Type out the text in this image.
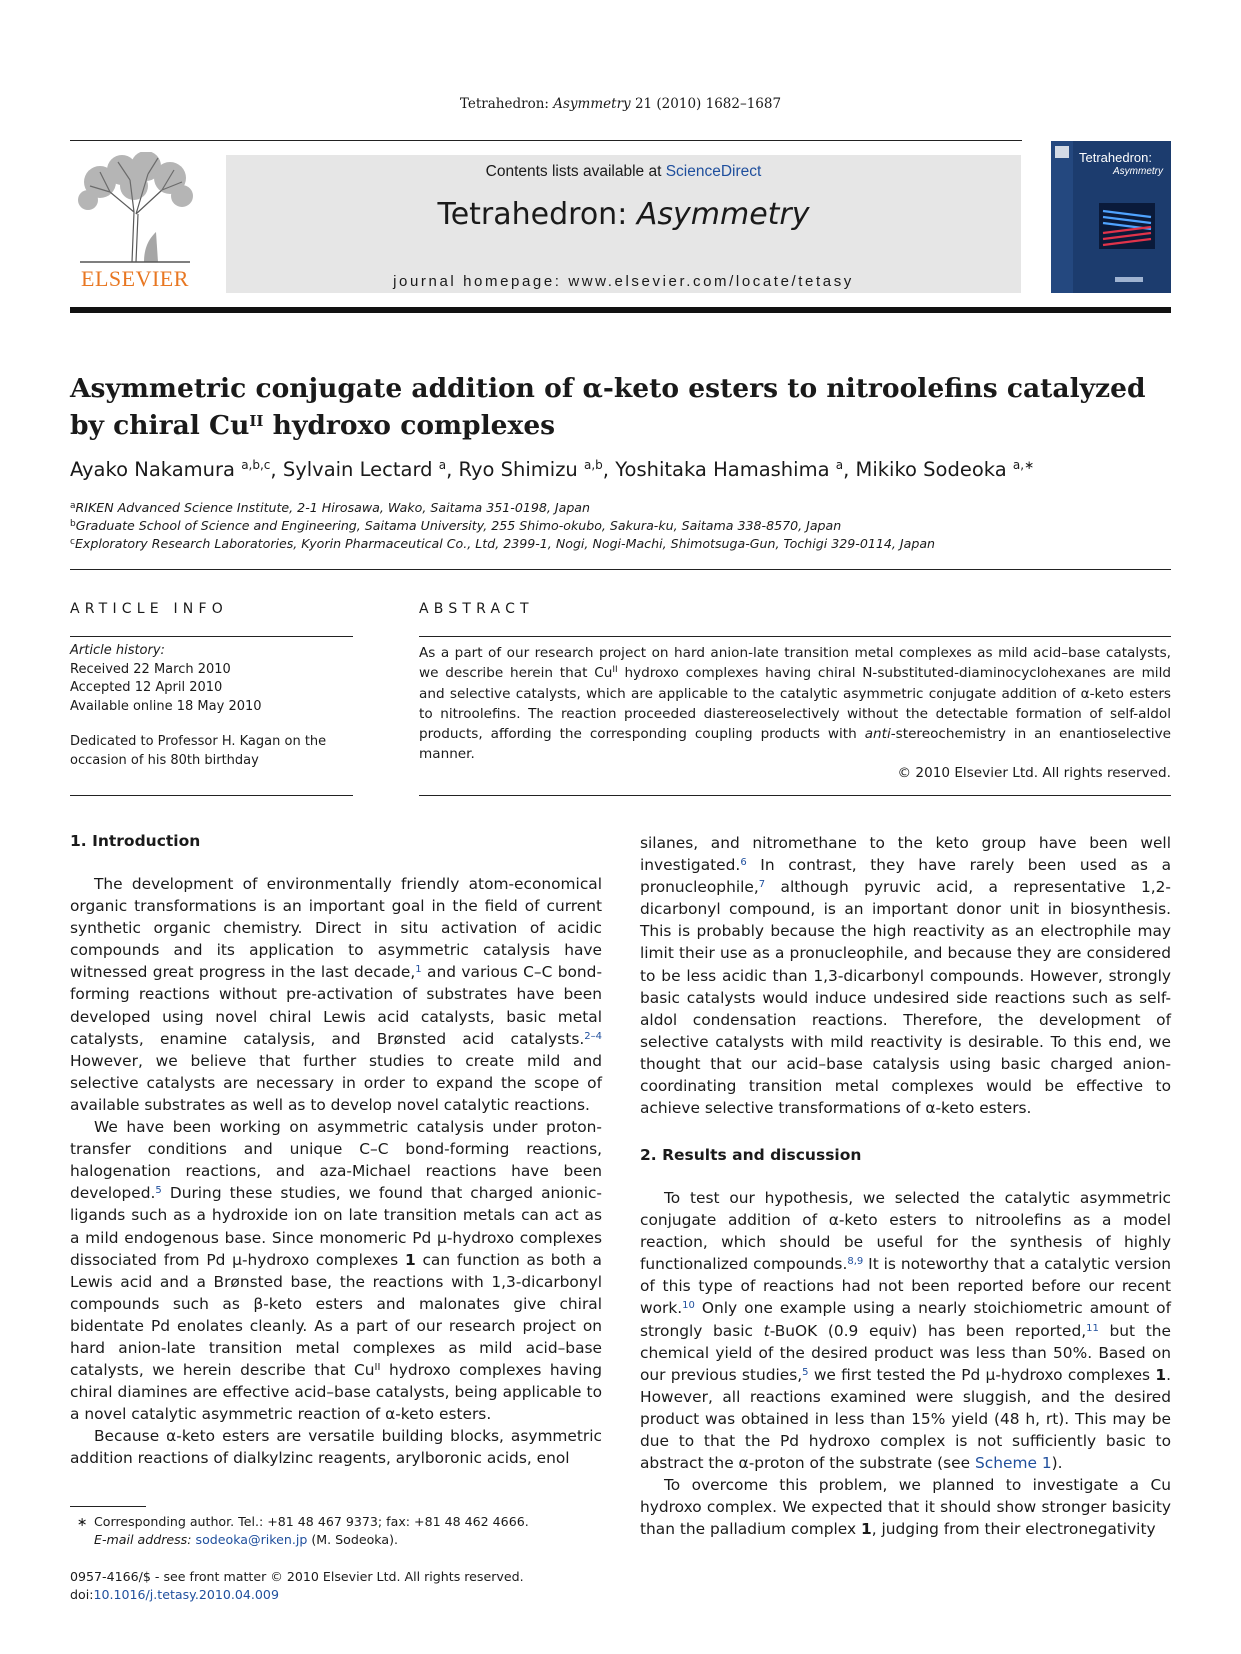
Tetrahedron: Asymmetry 21 (2010) 1682–1687
ELSEVIER
Contents lists available at ScienceDirect
Tetrahedron: Asymmetry
journal homepage: www.elsevier.com/locate/tetasy
Tetrahedron:
Asymmetry
Asymmetric conjugate addition of α-keto esters to nitroolefins catalyzed
by chiral $Cu^{II}$ hydroxo complexes
Ayako Nakamura $^{a,b,c}$, Sylvain Lectard $^a$, Ryo Shimizu $^{a,b}$, Yoshitaka Hamashima $^a$, Mikiko Sodeoka $^{a,∗}$
$^a$RIKEN Advanced Science Institute, 2-1 Hirosawa, Wako, Saitama 351-0198, Japan
$^b$Graduate School of Science and Engineering, Saitama University, 255 Shimo-okubo, Sakura-ku, Saitama 338-8570, Japan
$^c$Exploratory Research Laboratories, Kyorin Pharmaceutical Co., Ltd, 2399-1, Nogi, Nogi-Machi, Shimotsuga-Gun, Tochigi 329-0114, Japan
ARTICLE INFO
Article history:
Received 22 March 2010
Accepted 12 April 2010
Available online 18 May 2010
Dedicated to Professor H. Kagan on the
occasion of his 80th birthday
ABSTRACT
As a part of our research project on hard anion-late transition metal complexes as mild acid–base catalysts, we describe herein that $Cu^{II}$ hydroxo complexes having chiral N-substituted-diaminocyclohexanes are mild and selective catalysts, which are applicable to the catalytic asymmetric conjugate addition of α-keto esters to nitroolefins. The reaction proceeded diastereoselectively without the detectable formation of self-aldol products, affording the corresponding coupling products with anti-stereochemistry in an enantioselective manner.
© 2010 Elsevier Ltd. All rights reserved.
1. Introduction

The development of environmentally friendly atom-economical organic transformations is an important goal in the field of current synthetic organic chemistry. Direct in situ activation of acidic compounds and its application to asymmetric catalysis have witnessed great progress in the last decade,$^1$ and various C–C bond-forming reactions without pre-activation of substrates have been developed using novel chiral Lewis acid catalysts, basic metal catalysts, enamine catalysis, and Brønsted acid catalysts.$^{2-4}$ However, we believe that further studies to create mild and selective catalysts are necessary in order to expand the scope of available substrates as well as to develop novel catalytic reactions.

We have been working on asymmetric catalysis under proton-transfer conditions and unique C–C bond-forming reactions, halogenation reactions, and aza-Michael reactions have been developed.$^5$ During these studies, we found that charged anionic-ligands such as a hydroxide ion on late transition metals can act as a mild endogenous base. Since monomeric Pd μ-hydroxo complexes dissociated from Pd μ-hydroxo complexes 1 can function as both a Lewis acid and a Brønsted base, the reactions with 1,3-dicarbonyl compounds such as β-keto esters and malonates give chiral bidentate Pd enolates cleanly. As a part of our research project on hard anion-late transition metal complexes as mild acid–base catalysts, we herein describe that $Cu^{II}$ hydroxo complexes having chiral diamines are effective acid–base catalysts, being applicable to a novel catalytic asymmetric reaction of α-keto esters.

Because α-keto esters are versatile building blocks, asymmetric addition reactions of dialkylzinc reagents, arylboronic acids, enol

silanes, and nitromethane to the keto group have been well investigated.$^6$ In contrast, they have rarely been used as a pronucleophile,$^7$ although pyruvic acid, a representative 1,2-dicarbonyl compound, is an important donor unit in biosynthesis. This is probably because the high reactivity as an electrophile may limit their use as a pronucleophile, and because they are considered to be less acidic than 1,3-dicarbonyl compounds. However, strongly basic catalysts would induce undesired side reactions such as self-aldol condensation reactions. Therefore, the development of selective catalysts with mild reactivity is desirable. To this end, we thought that our acid–base catalysis using basic charged anion-coordinating transition metal complexes would be effective to achieve selective transformations of α-keto esters.

2. Results and discussion

To test our hypothesis, we selected the catalytic asymmetric conjugate addition of α-keto esters to nitroolefins as a model reaction, which should be useful for the synthesis of highly functionalized compounds.$^{8,9}$ It is noteworthy that a catalytic version of this type of reactions had not been reported before our recent work.$^{10}$ Only one example using a nearly stoichiometric amount of strongly basic t-BuOK (0.9 equiv) has been reported,$^{11}$ but the chemical yield of the desired product was less than 50%. Based on our previous studies,$^5$ we first tested the Pd μ-hydroxo complexes 1. However, all reactions examined were sluggish, and the desired product was obtained in less than 15% yield (48 h, rt). This may be due to that the Pd hydroxo complex is not sufficiently basic to abstract the α-proton of the substrate (see Scheme 1).

To overcome this problem, we planned to investigate a Cu hydroxo complex. We expected that it should show stronger basicity than the palladium complex 1, judging from their electronegativity

∗ Corresponding author. Tel.: +81 48 467 9373; fax: +81 48 462 4666.
E-mail address: sodeoka@riken.jp (M. Sodeoka).
0957-4166/$ - see front matter © 2010 Elsevier Ltd. All rights reserved.
doi:10.1016/j.tetasy.2010.04.009
